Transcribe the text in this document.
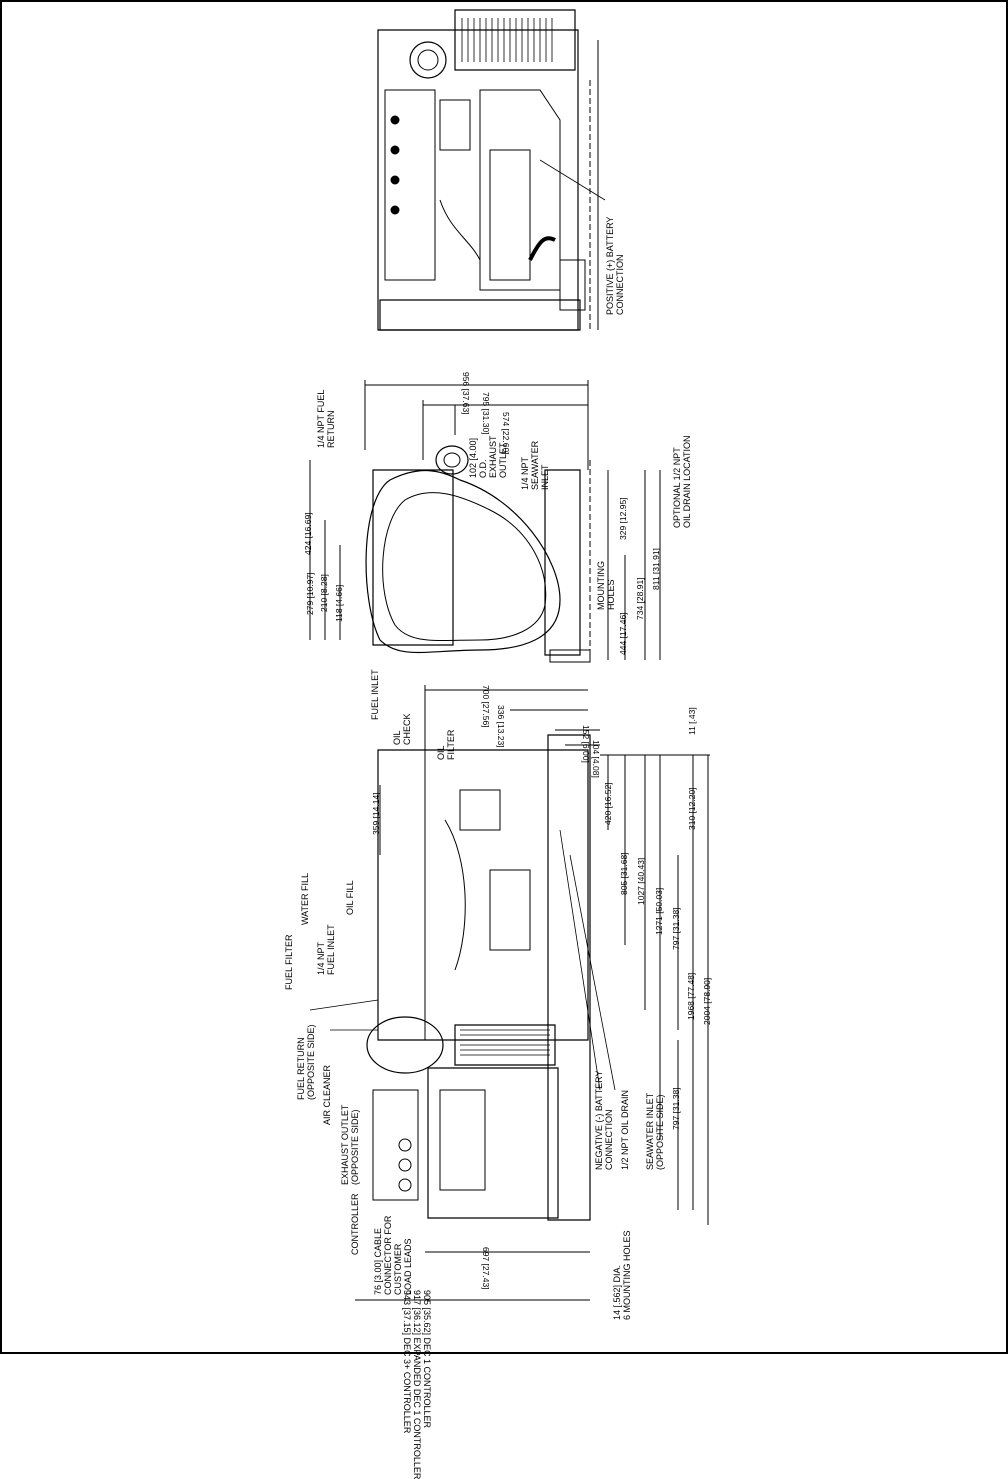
POSITIVE (+) BATTERY
CONNECTION
1/4 NPT FUEL
RETURN
102 [4.00]
O.D.
EXHAUST
OUTLET
1/4 NPT
SEAWATER
INLET
OPTIONAL 1/2 NPT
OIL DRAIN LOCATION
MOUNTING
HOLES
956 [37.63] 795 [31.30] 574 [22.60]
424 [16.69]
279 [10.97] 210 [8.28] 118 [4.66]
329 [12.95]
444 [17.46]
734 [28.91]
811 [31.91]
FUEL INLET
OIL
CHECK
OIL
FILTER
WATER FILL	OIL FILL
1/4 NPT
FUEL INLET
FUEL FILTER
FUEL RETURN
(OPPOSITE SIDE)
AIR CLEANER
EXHAUST OUTLET
(OPPOSITE SIDE)
CONTROLLER
76 [3.00] CABLE
CONNECTOR FOR
CUSTOMER
LOAD LEADS
905 [35.62] DEC 1 CONTROLLER
917 [36.12] EXPANDED DEC 1 CONTROLLER
943 [37.15] DEC 3+ CONTROLLER
14 [.562] DIA.
6 MOUNTING HOLES
NEGATIVE (-) BATTERY
CONNECTION 1/2 NPT OIL DRAIN SEAWATER INLET
(OPPOSITE SIDE)
700 [27.56] 336 [13.23]	152 [6.00] 104 [4.08]
11 [.43]
359 [14.14]	420 [16.52]	310 [12.20]
805 [31.68] 1027 [40.43]
1271 [50.03] 797 [31.38]
1968 [77.48] 2004 [78.90]
797 [31.38]
697 [27.43]
